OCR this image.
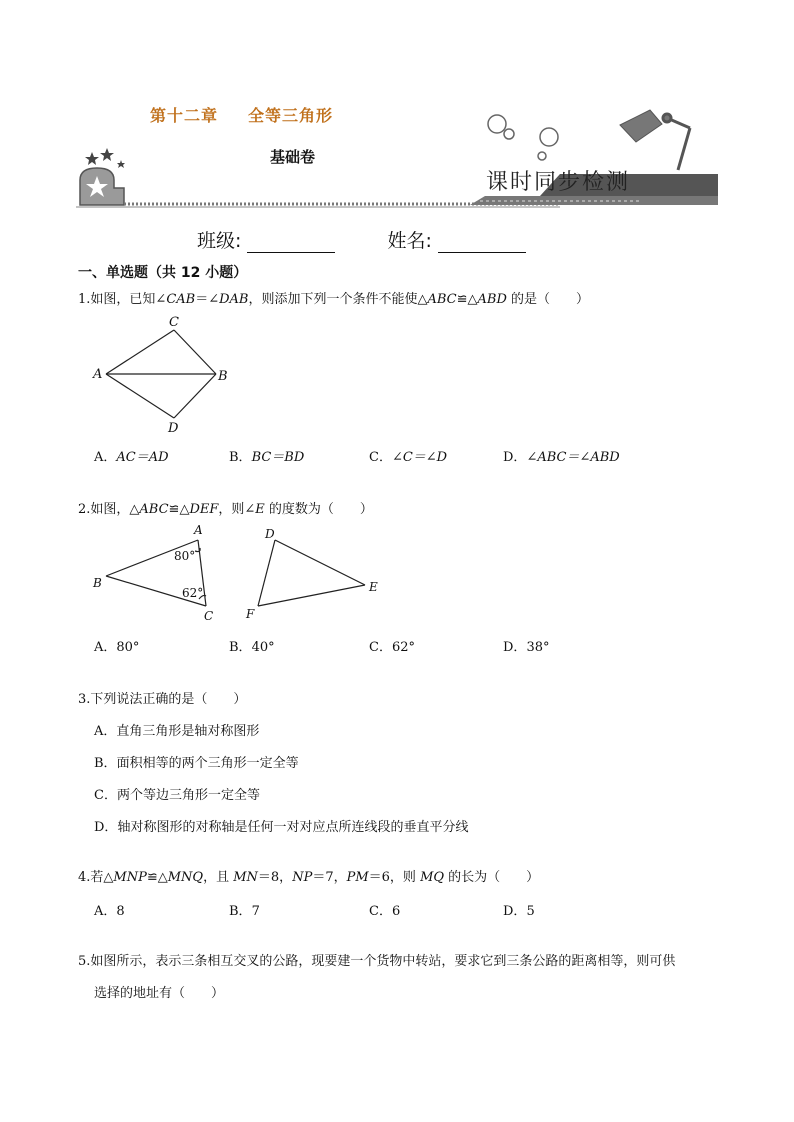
第十二章 全等三角形
基础卷
课时同步检测
班级:	姓名:
一、单选题（共 12 小题）
1.如图，已知∠CAB＝∠DAB，则添加下列一个条件不能使△ABC≌△ABD 的是（　　）
C
A	B
D
A．AC＝AD	B．BC＝BD	C．∠C＝∠D	D．∠ABC＝∠ABD
2.如图，△ABC≌△DEF，则∠E 的度数为（　　）
A
B
C
80°
62°
D
E
F
A．80°	B．40°	C．62°	D．38°
3.下列说法正确的是（　　）
A．直角三角形是轴对称图形
B．面积相等的两个三角形一定全等
C．两个等边三角形一定全等
D．轴对称图形的对称轴是任何一对对应点所连线段的垂直平分线
4.若△MNP≌△MNQ，且 MN＝8，NP＝7，PM＝6，则 MQ 的长为（　　）
A．8	B．7	C．6	D．5
5.如图所示，表示三条相互交叉的公路，现要建一个货物中转站，要求它到三条公路的距离相等，则可供
选择的地址有（　　）
